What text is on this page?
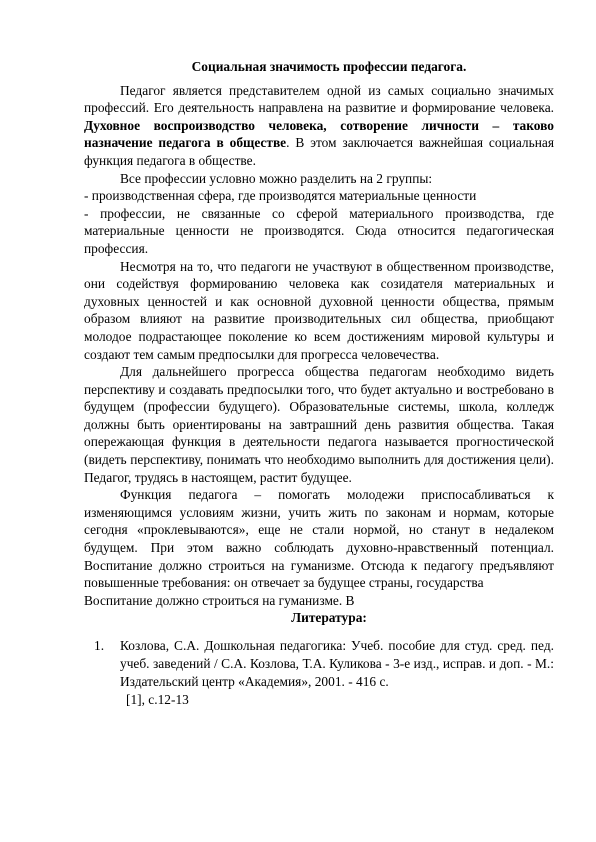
Социальная значимость профессии педагога.

Педагог является представителем одной из самых социально значимых профессий. Его деятельность направлена на развитие и формирование человека. Духовное воспроизводство человека, сотворение личности – таково назначение педагога в обществе. В этом заключается важнейшая социальная функция педагога в обществе.

Все профессии условно можно разделить на 2 группы:

- производственная сфера, где производятся материальные ценности

- профессии, не связанные со сферой материального производства, где материальные ценности не производятся. Сюда относится педагогическая профессия.

Несмотря на то, что педагоги не участвуют в общественном производстве, они содействуя формированию человека как созидателя материальных и духовных ценностей и как основной духовной ценности общества, прямым образом влияют на развитие производительных сил общества, приобщают молодое подрастающее поколение ко всем достижениям мировой культуры и создают тем самым предпосылки для прогресса человечества.

Для дальнейшего прогресса общества педагогам необходимо видеть перспективу и создавать предпосылки того, что будет актуально и востребовано в будущем (профессии будущего). Образовательные системы, школа, колледж должны быть ориентированы на завтрашний день развития общества. Такая опережающая функция в деятельности педагога называется прогностической (видеть перспективу, понимать что необходимо выполнить для достижения цели). Педагог, трудясь в настоящем, растит будущее.

Функция педагога – помогать молодежи приспосабливаться к изменяющимся условиям жизни, учить жить по законам и нормам, которые сегодня «проклевываются», еще не стали нормой, но станут в недалеком будущем. При этом важно соблюдать духовно-нравственный потенциал. Воспитание должно строиться на гуманизме. Отсюда к педагогу предъявляют повышенные требования: он отвечает за будущее страны, государства

Воспитание должно строиться на гуманизме. В

Литература:

1.	Козлова, С.А. Дошкольная педагогика: Учеб. пособие для студ. сред. пед. учеб. заведений / С.А. Козлова, Т.А. Куликова - 3-е изд., исправ. и доп. - М.: Издательский центр «Академия», 2001. - 416 с.
[1], с.12-13
